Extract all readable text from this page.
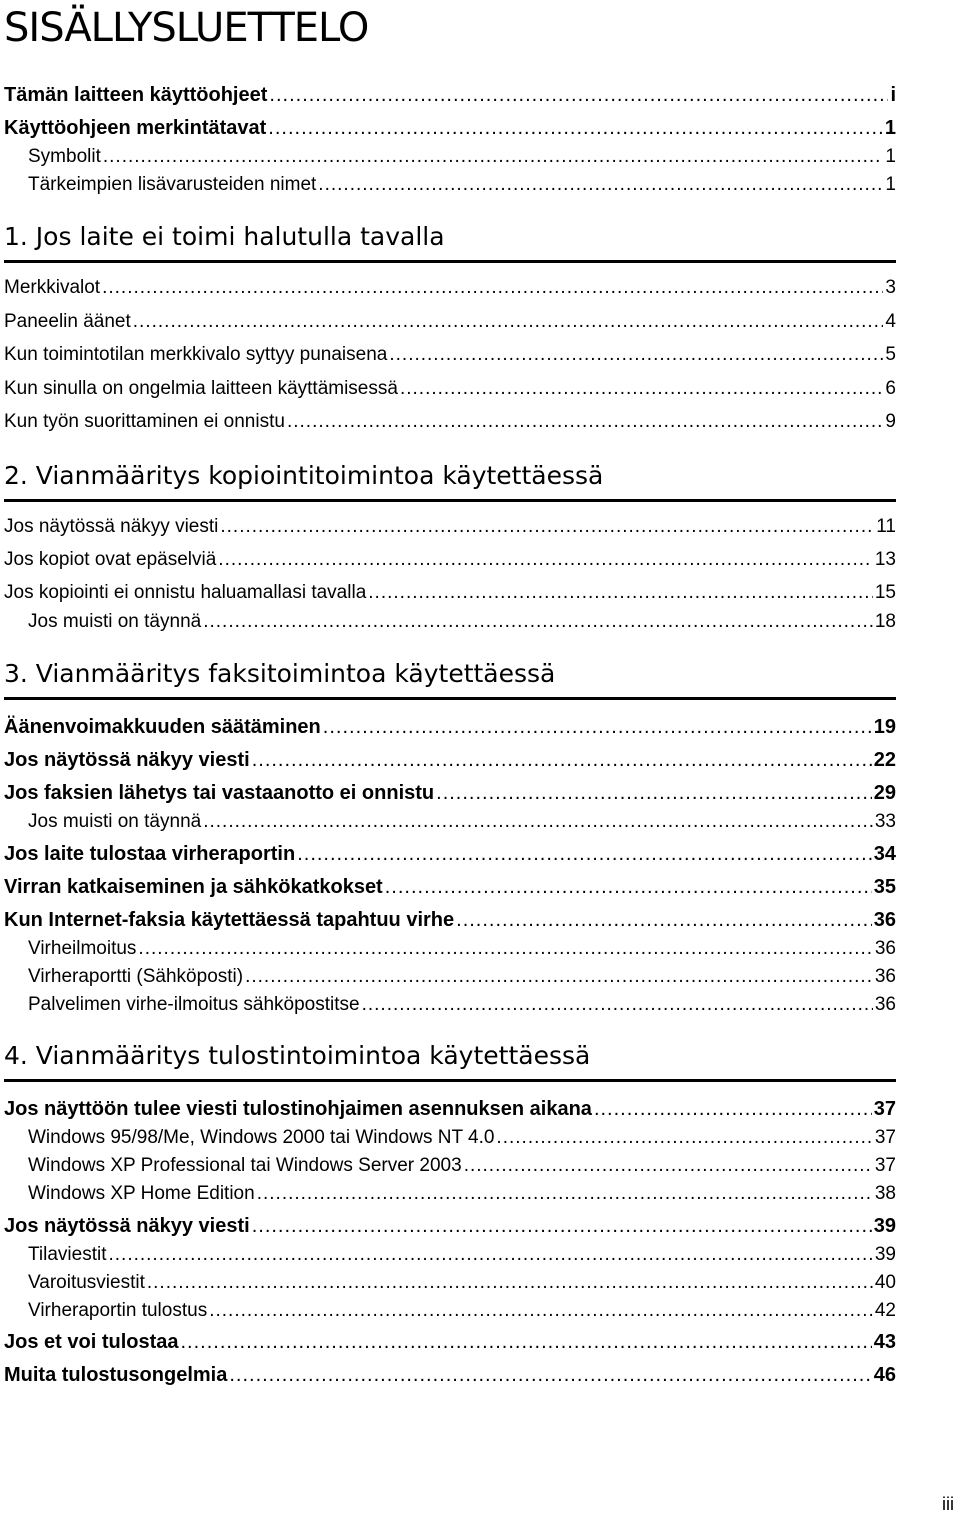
SISÄLLYSLUETTELO
Tämän laitteen käyttöohjeet .....	i
Käyttöohjeen merkintätavat .....	1
Symbolit .....	1
Tärkeimpien lisävarusteiden nimet .....	1
1. Jos laite ei toimi halutulla tavalla
Merkkivalot .....	3
Paneelin äänet .....	4
Kun toimintotilan merkkivalo syttyy punaisena .....	5
Kun sinulla on ongelmia laitteen käyttämisessä .....	6
Kun työn suorittaminen ei onnistu .....	9
2. Vianmääritys kopiointitoimintoa käytettäessä
Jos näytössä näkyy viesti .....	11
Jos kopiot ovat epäselviä .....	13
Jos kopiointi ei onnistu haluamallasi tavalla .....	15
Jos muisti on täynnä .....	18
3. Vianmääritys faksitoimintoa käytettäessä
Äänenvoimakkuuden säätäminen .....	19
Jos näytössä näkyy viesti .....	22
Jos faksien lähetys tai vastaanotto ei onnistu .....	29
Jos muisti on täynnä .....	33
Jos laite tulostaa virheraportin .....	34
Virran katkaiseminen ja sähkökatkokset .....	35
Kun Internet-faksia käytettäessä tapahtuu virhe .....	36
Virheilmoitus .....	36
Virheraportti (Sähköposti) .....	36
Palvelimen virhe-ilmoitus sähköpostitse .....	36
4. Vianmääritys tulostintoimintoa käytettäessä
Jos näyttöön tulee viesti tulostinohjaimen asennuksen aikana .....	37
Windows 95/98/Me, Windows 2000 tai Windows NT 4.0 .....	37
Windows XP Professional tai Windows Server 2003 .....	37
Windows XP Home Edition .....	38
Jos näytössä näkyy viesti .....	39
Tilaviestit .....	39
Varoitusviestit .....	40
Virheraportin tulostus .....	42
Jos et voi tulostaa .....	43
Muita tulostusongelmia .....	46
iii
